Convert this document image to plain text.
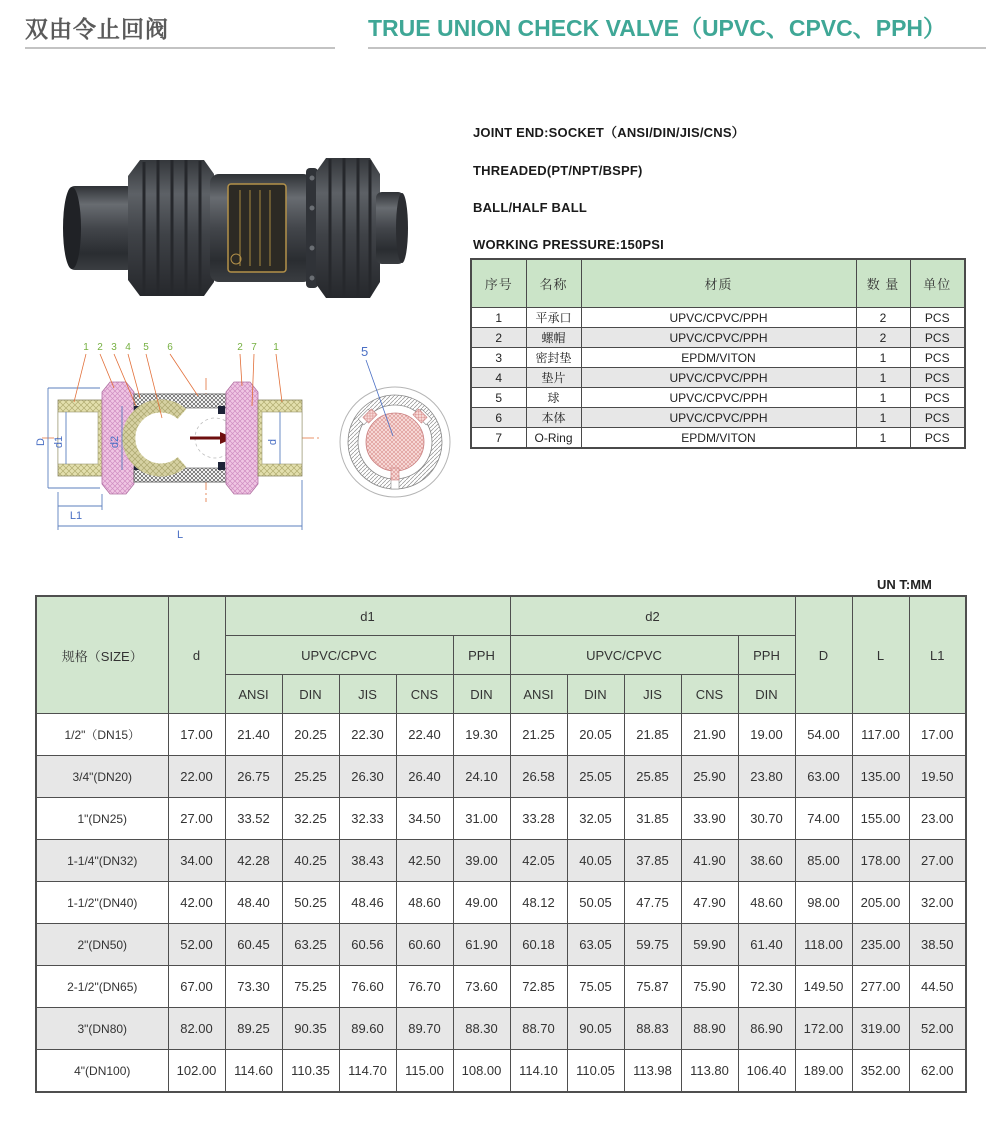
双由令止回阀	TRUE UNION CHECK VALVE（UPVC、CPVC、PPH）
JOINT END:SOCKET（ANSI/DIN/JIS/CNS）
THREADED(PT/NPT/BSPF)
BALL/HALF BALL
WORKING PRESSURE:150PSI
序号	名称	材质	数 量	单位
1	平承口	UPVC/CPVC/PPH	2	PCS
2	螺帽	UPVC/CPVC/PPH	2	PCS
3	密封垫	EPDM/VITON	1	PCS
4	垫片	UPVC/CPVC/PPH	1	PCS
5	球	UPVC/CPVC/PPH	1	PCS
6	本体	UPVC/CPVC/PPH	1	PCS
7	O-Ring	EPDM/VITON	1	PCS
D d1	d2	d
L1
L
1 2 3 4 5 6	2 7 1	5
UN T:MM
规格（SIZE）	d	d1					d2					D	L	L1
		UPVC/CPVC				PPH	UPVC/CPVC				PPH			
		ANSI	DIN	JIS	CNS	DIN	ANSI	DIN	JIS	CNS	DIN			
1/2"（DN15）	17.00	21.40	20.25	22.30	22.40	19.30	21.25	20.05	21.85	21.90	19.00	54.00	117.00	17.00
3/4"(DN20)	22.00	26.75	25.25	26.30	26.40	24.10	26.58	25.05	25.85	25.90	23.80	63.00	135.00	19.50
1"(DN25)	27.00	33.52	32.25	32.33	34.50	31.00	33.28	32.05	31.85	33.90	30.70	74.00	155.00	23.00
1-1/4"(DN32)	34.00	42.28	40.25	38.43	42.50	39.00	42.05	40.05	37.85	41.90	38.60	85.00	178.00	27.00
1-1/2"(DN40)	42.00	48.40	50.25	48.46	48.60	49.00	48.12	50.05	47.75	47.90	48.60	98.00	205.00	32.00
2"(DN50)	52.00	60.45	63.25	60.56	60.60	61.90	60.18	63.05	59.75	59.90	61.40	118.00	235.00	38.50
2-1/2"(DN65)	67.00	73.30	75.25	76.60	76.70	73.60	72.85	75.05	75.87	75.90	72.30	149.50	277.00	44.50
3"(DN80)	82.00	89.25	90.35	89.60	89.70	88.30	88.70	90.05	88.83	88.90	86.90	172.00	319.00	52.00
4"(DN100)	102.00	114.60	110.35	114.70	115.00	108.00	114.10	110.05	113.98	113.80	106.40	189.00	352.00	62.00
